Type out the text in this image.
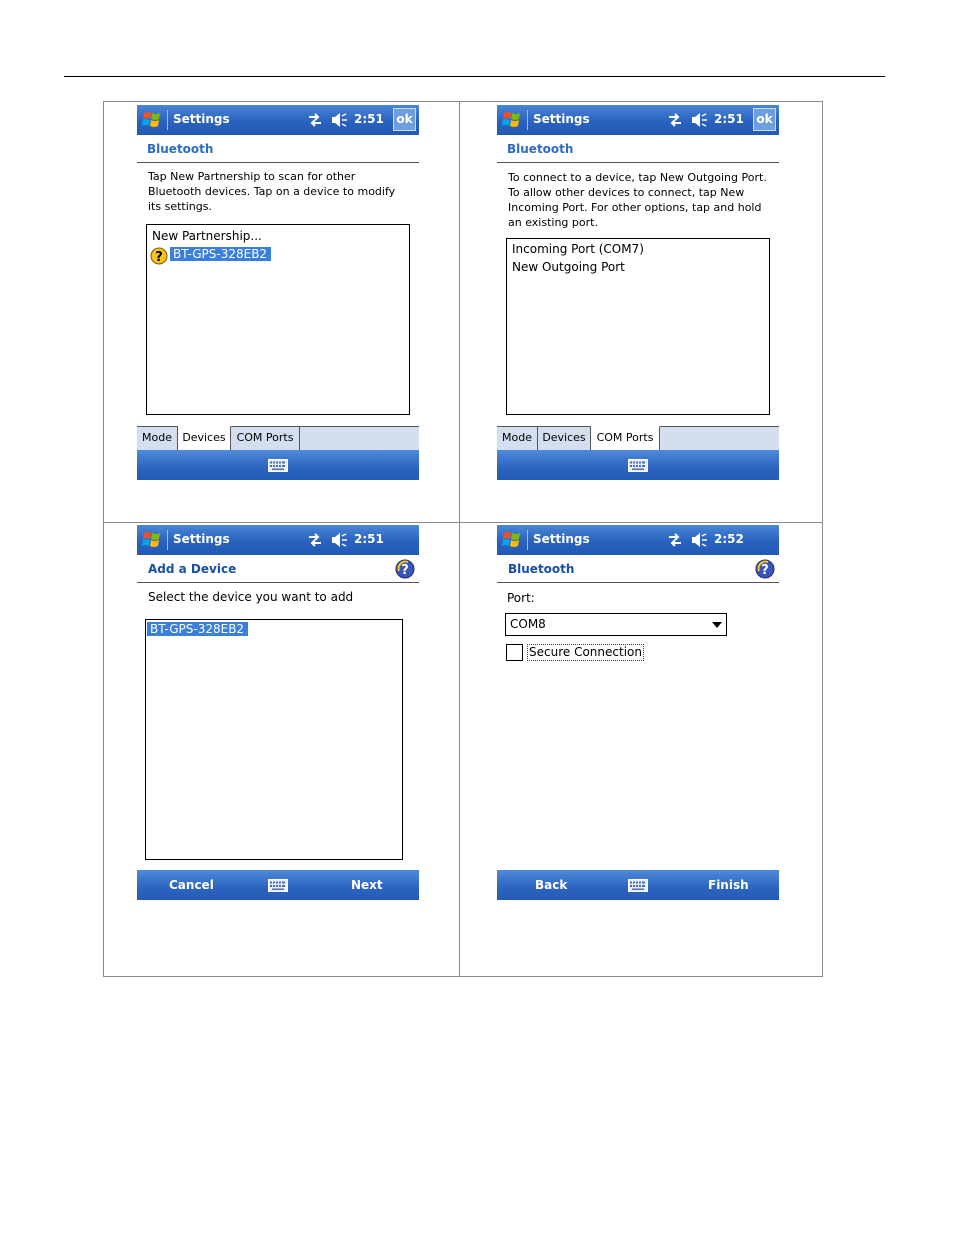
Settings	2:51 ok
Bluetooth
Tap New Partnership to scan for other Bluetooth devices. Tap on a device to modify its settings.
New Partnership...
? BT-GPS-328EB2
Mode Devices COM Ports
Settings	2:51 ok
Bluetooth
To connect to a device, tap New Outgoing Port. To allow other devices to connect, tap New Incoming Port. For other options, tap and hold an existing port.
Incoming Port (COM7)
New Outgoing Port
Mode Devices COM Ports
Settings	2:51
Add a Device	?
Select the device you want to add
BT-GPS-328EB2
Cancel	Next
Settings	2:52
Bluetooth	?
Port:
COM8
Secure Connection
Back	Finish
